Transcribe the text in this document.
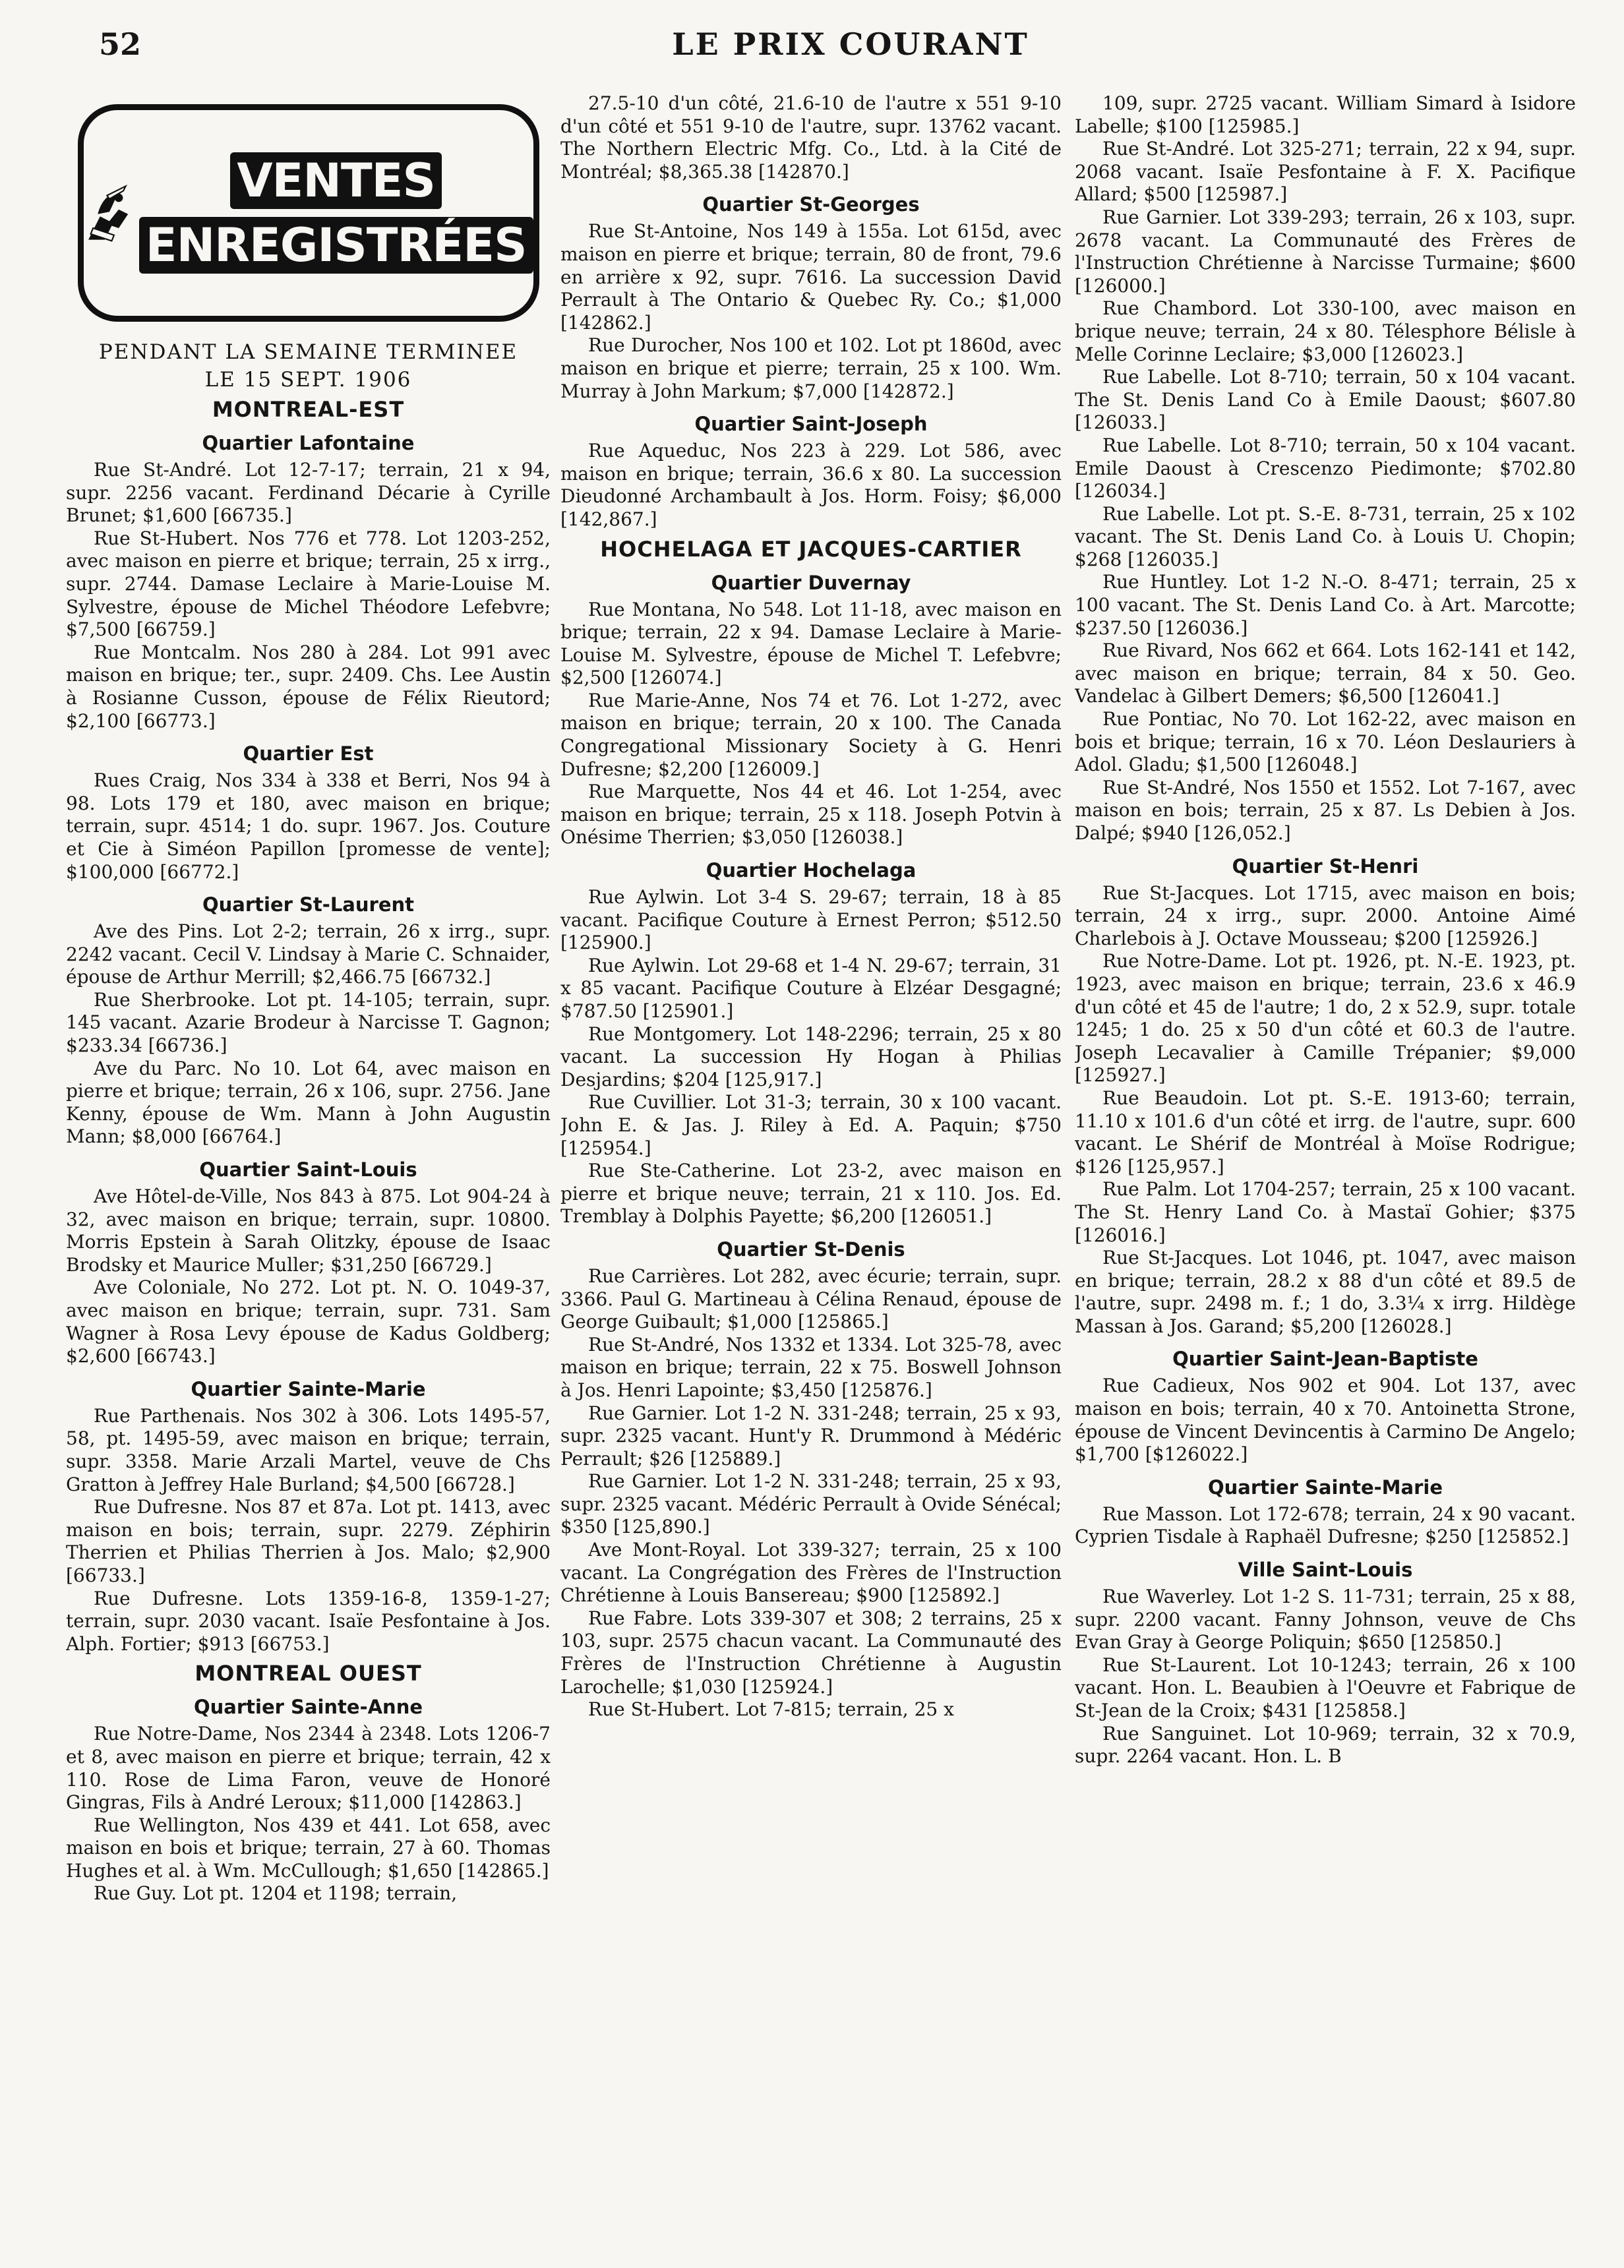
52	LE PRIX COURANT
VENTES
ENREGISTRÉES
PENDANT LA SEMAINE TERMINEE
LE 15 SEPT. 1906

MONTREAL-EST

Quartier Lafontaine

Rue St-André. Lot 12-7-17; terrain, 21 x 94, supr. 2256 vacant. Ferdinand Décarie à Cyrille Brunet; $1,600 [66735.]

Rue St-Hubert. Nos 776 et 778. Lot 1203-252, avec maison en pierre et brique; terrain, 25 x irrg., supr. 2744. Damase Leclaire à Marie-Louise M. Sylvestre, épouse de Michel Théodore Lefebvre; $7,500 [66759.]

Rue Montcalm. Nos 280 à 284. Lot 991 avec maison en brique; ter., supr. 2409. Chs. Lee Austin à Rosianne Cusson, épouse de Félix Rieutord; $2,100 [66773.]

Quartier Est

Rues Craig, Nos 334 à 338 et Berri, Nos 94 à 98. Lots 179 et 180, avec maison en brique; terrain, supr. 4514; 1 do. supr. 1967. Jos. Couture et Cie à Siméon Papillon [promesse de vente]; $100,000 [66772.]

Quartier St-Laurent

Ave des Pins. Lot 2-2; terrain, 26 x irrg., supr. 2242 vacant. Cecil V. Lindsay à Marie C. Schnaider, épouse de Arthur Merrill; $2,466.75 [66732.]

Rue Sherbrooke. Lot pt. 14-105; terrain, supr. 145 vacant. Azarie Brodeur à Narcisse T. Gagnon; $233.34 [66736.]

Ave du Parc. No 10. Lot 64, avec maison en pierre et brique; terrain, 26 x 106, supr. 2756. Jane Kenny, épouse de Wm. Mann à John Augustin Mann; $8,000 [66764.]

Quartier Saint-Louis

Ave Hôtel-de-Ville, Nos 843 à 875. Lot 904-24 à 32, avec maison en brique; terrain, supr. 10800. Morris Epstein à Sarah Olitzky, épouse de Isaac Brodsky et Maurice Muller; $31,250 [66729.]

Ave Coloniale, No 272. Lot pt. N. O. 1049-37, avec maison en brique; terrain, supr. 731. Sam Wagner à Rosa Levy épouse de Kadus Goldberg; $2,600 [66743.]

Quartier Sainte-Marie

Rue Parthenais. Nos 302 à 306. Lots 1495-57, 58, pt. 1495-59, avec maison en brique; terrain, supr. 3358. Marie Arzali Martel, veuve de Chs Gratton à Jeffrey Hale Burland; $4,500 [66728.]

Rue Dufresne. Nos 87 et 87a. Lot pt. 1413, avec maison en bois; terrain, supr. 2279. Zéphirin Therrien et Philias Therrien à Jos. Malo; $2,900 [66733.]

Rue Dufresne. Lots 1359-16-8, 1359-1-27; terrain, supr. 2030 vacant. Isaïe Pesfontaine à Jos. Alph. Fortier; $913 [66753.]

MONTREAL OUEST

Quartier Sainte-Anne

Rue Notre-Dame, Nos 2344 à 2348. Lots 1206-7 et 8, avec maison en pierre et brique; terrain, 42 x 110. Rose de Lima Faron, veuve de Honoré Gingras, Fils à André Leroux; $11,000 [142863.]

Rue Wellington, Nos 439 et 441. Lot 658, avec maison en bois et brique; terrain, 27 à 60. Thomas Hughes et al. à Wm. McCullough; $1,650 [142865.]

Rue Guy. Lot pt. 1204 et 1198; terrain,

27.5-10 d'un côté, 21.6-10 de l'autre x 551 9-10 d'un côté et 551 9-10 de l'autre, supr. 13762 vacant. The Northern Electric Mfg. Co., Ltd. à la Cité de Montréal; $8,365.38 [142870.]

Quartier St-Georges

Rue St-Antoine, Nos 149 à 155a. Lot 615d, avec maison en pierre et brique; terrain, 80 de front, 79.6 en arrière x 92, supr. 7616. La succession David Perrault à The Ontario & Quebec Ry. Co.; $1,000 [142862.]

Rue Durocher, Nos 100 et 102. Lot pt 1860d, avec maison en brique et pierre; terrain, 25 x 100. Wm. Murray à John Markum; $7,000 [142872.]

Quartier Saint-Joseph

Rue Aqueduc, Nos 223 à 229. Lot 586, avec maison en brique; terrain, 36.6 x 80. La succession Dieudonné Archambault à Jos. Horm. Foisy; $6,000 [142,867.]

HOCHELAGA ET JACQUES-CARTIER

Quartier Duvernay

Rue Montana, No 548. Lot 11-18, avec maison en brique; terrain, 22 x 94. Damase Leclaire à Marie-Louise M. Sylvestre, épouse de Michel T. Lefebvre; $2,500 [126074.]

Rue Marie-Anne, Nos 74 et 76. Lot 1-272, avec maison en brique; terrain, 20 x 100. The Canada Congregational Missionary Society à G. Henri Dufresne; $2,200 [126009.]

Rue Marquette, Nos 44 et 46. Lot 1-254, avec maison en brique; terrain, 25 x 118. Joseph Potvin à Onésime Therrien; $3,050 [126038.]

Quartier Hochelaga

Rue Aylwin. Lot 3-4 S. 29-67; terrain, 18 à 85 vacant. Pacifique Couture à Ernest Perron; $512.50 [125900.]

Rue Aylwin. Lot 29-68 et 1-4 N. 29-67; terrain, 31 x 85 vacant. Pacifique Couture à Elzéar Desgagné; $787.50 [125901.]

Rue Montgomery. Lot 148-2296; terrain, 25 x 80 vacant. La succession Hy Hogan à Philias Desjardins; $204 [125,917.]

Rue Cuvillier. Lot 31-3; terrain, 30 x 100 vacant. John E. & Jas. J. Riley à Ed. A. Paquin; $750 [125954.]

Rue Ste-Catherine. Lot 23-2, avec maison en pierre et brique neuve; terrain, 21 x 110. Jos. Ed. Tremblay à Dolphis Payette; $6,200 [126051.]

Quartier St-Denis

Rue Carrières. Lot 282, avec écurie; terrain, supr. 3366. Paul G. Martineau à Célina Renaud, épouse de George Guibault; $1,000 [125865.]

Rue St-André, Nos 1332 et 1334. Lot 325-78, avec maison en brique; terrain, 22 x 75. Boswell Johnson à Jos. Henri Lapointe; $3,450 [125876.]

Rue Garnier. Lot 1-2 N. 331-248; terrain, 25 x 93, supr. 2325 vacant. Hunt'y R. Drummond à Médéric Perrault; $26 [125889.]

Rue Garnier. Lot 1-2 N. 331-248; terrain, 25 x 93, supr. 2325 vacant. Médéric Perrault à Ovide Sénécal; $350 [125,890.]

Ave Mont-Royal. Lot 339-327; terrain, 25 x 100 vacant. La Congrégation des Frères de l'Instruction Chrétienne à Louis Bansereau; $900 [125892.]

Rue Fabre. Lots 339-307 et 308; 2 terrains, 25 x 103, supr. 2575 chacun vacant. La Communauté des Frères de l'Instruction Chrétienne à Augustin Larochelle; $1,030 [125924.]

Rue St-Hubert. Lot 7-815; terrain, 25 x

109, supr. 2725 vacant. William Simard à Isidore Labelle; $100 [125985.]

Rue St-André. Lot 325-271; terrain, 22 x 94, supr. 2068 vacant. Isaïe Pesfontaine à F. X. Pacifique Allard; $500 [125987.]

Rue Garnier. Lot 339-293; terrain, 26 x 103, supr. 2678 vacant. La Communauté des Frères de l'Instruction Chrétienne à Narcisse Turmaine; $600 [126000.]

Rue Chambord. Lot 330-100, avec maison en brique neuve; terrain, 24 x 80. Télesphore Bélisle à Melle Corinne Leclaire; $3,000 [126023.]

Rue Labelle. Lot 8-710; terrain, 50 x 104 vacant. The St. Denis Land Co à Emile Daoust; $607.80 [126033.]

Rue Labelle. Lot 8-710; terrain, 50 x 104 vacant. Emile Daoust à Crescenzo Piedimonte; $702.80 [126034.]

Rue Labelle. Lot pt. S.-E. 8-731, terrain, 25 x 102 vacant. The St. Denis Land Co. à Louis U. Chopin; $268 [126035.]

Rue Huntley. Lot 1-2 N.-O. 8-471; terrain, 25 x 100 vacant. The St. Denis Land Co. à Art. Marcotte; $237.50 [126036.]

Rue Rivard, Nos 662 et 664. Lots 162-141 et 142, avec maison en brique; terrain, 84 x 50. Geo. Vandelac à Gilbert Demers; $6,500 [126041.]

Rue Pontiac, No 70. Lot 162-22, avec maison en bois et brique; terrain, 16 x 70. Léon Deslauriers à Adol. Gladu; $1,500 [126048.]

Rue St-André, Nos 1550 et 1552. Lot 7-167, avec maison en bois; terrain, 25 x 87. Ls Debien à Jos. Dalpé; $940 [126,052.]

Quartier St-Henri

Rue St-Jacques. Lot 1715, avec maison en bois; terrain, 24 x irrg., supr. 2000. Antoine Aimé Charlebois à J. Octave Mousseau; $200 [125926.]

Rue Notre-Dame. Lot pt. 1926, pt. N.-E. 1923, pt. 1923, avec maison en brique; terrain, 23.6 x 46.9 d'un côté et 45 de l'autre; 1 do, 2 x 52.9, supr. totale 1245; 1 do. 25 x 50 d'un côté et 60.3 de l'autre. Joseph Lecavalier à Camille Trépanier; $9,000 [125927.]

Rue Beaudoin. Lot pt. S.-E. 1913-60; terrain, 11.10 x 101.6 d'un côté et irrg. de l'autre, supr. 600 vacant. Le Shérif de Montréal à Moïse Rodrigue; $126 [125,957.]

Rue Palm. Lot 1704-257; terrain, 25 x 100 vacant. The St. Henry Land Co. à Mastaï Gohier; $375 [126016.]

Rue St-Jacques. Lot 1046, pt. 1047, avec maison en brique; terrain, 28.2 x 88 d'un côté et 89.5 de l'autre, supr. 2498 m. f.; 1 do, 3.3¼ x irrg. Hildège Massan à Jos. Garand; $5,200 [126028.]

Quartier Saint-Jean-Baptiste

Rue Cadieux, Nos 902 et 904. Lot 137, avec maison en bois; terrain, 40 x 70. Antoinetta Strone, épouse de Vincent Devincentis à Carmino De Angelo; $1,700 [$126022.]

Quartier Sainte-Marie

Rue Masson. Lot 172-678; terrain, 24 x 90 vacant. Cyprien Tisdale à Raphaël Dufresne; $250 [125852.]

Ville Saint-Louis

Rue Waverley. Lot 1-2 S. 11-731; terrain, 25 x 88, supr. 2200 vacant. Fanny Johnson, veuve de Chs Evan Gray à George Poliquin; $650 [125850.]

Rue St-Laurent. Lot 10-1243; terrain, 26 x 100 vacant. Hon. L. Beaubien à l'Oeuvre et Fabrique de St-Jean de la Croix; $431 [125858.]

Rue Sanguinet. Lot 10-969; terrain, 32 x 70.9, supr. 2264 vacant. Hon. L. B
